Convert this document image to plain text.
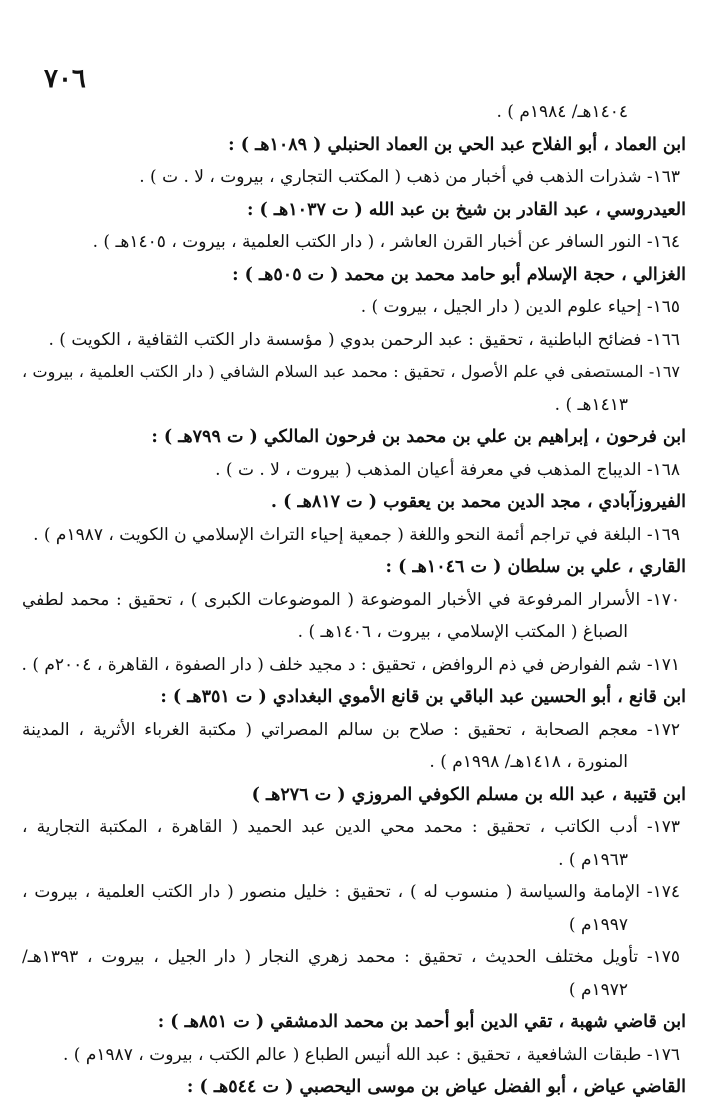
٧٠٦
١٤٠٤هـ/ ١٩٨٤م ) .
ابن العماد ، أبو الفلاح عبد الحي بن العماد الحنبلي ( ١٠٨٩هـ ) :
١٦٣- شذرات الذهب في أخبار من ذهب ( المكتب التجاري ، بيروت ، لا . ت ) .
العيدروسي ، عبد القادر بن شيخ بن عبد الله ( ت ١٠٣٧هـ ) :
١٦٤- النور السافر عن أخبار القرن العاشر ، ( دار الكتب العلمية ، بيروت ، ١٤٠٥هـ ) .
الغزالي ، حجة الإسلام أبو حامد محمد بن محمد ( ت ٥٠٥هـ ) :
١٦٥- إحياء علوم الدين ( دار الجيل ، بيروت ) .
١٦٦- فضائح الباطنية ، تحقيق : عبد الرحمن بدوي ( مؤسسة دار الكتب الثقافية ، الكويت ) .
١٦٧- المستصفى في علم الأصول ، تحقيق : محمد عبد السلام الشافي ( دار الكتب العلمية ، بيروت ،
١٤١٣هـ ) .
ابن فرحون ، إبراهيم بن علي بن محمد بن فرحون المالكي ( ت ٧٩٩هـ ) :
١٦٨- الديباج المذهب في معرفة أعيان المذهب ( بيروت ، لا . ت ) .
الفيروزآبادي ، مجد الدين محمد بن يعقوب ( ت ٨١٧هـ ) .
١٦٩- البلغة في تراجم أئمة النحو واللغة ( جمعية إحياء التراث الإسلامي ن الكويت ، ١٩٨٧م ) .
القاري ، علي بن سلطان ( ت ١٠٤٦هـ ) :
١٧٠- الأسرار المرفوعة في الأخبار الموضوعة ( الموضوعات الكبرى ) ، تحقيق : محمد لطفي
الصباغ ( المكتب الإسلامي ، بيروت ، ١٤٠٦هـ ) .
١٧١- شم الفوارض في ذم الروافض ، تحقيق : د مجيد خلف ( دار الصفوة ، القاهرة ، ٢٠٠٤م ) .
ابن قانع ، أبو الحسين عبد الباقي بن قانع الأموي البغدادي ( ت ٣٥١هـ ) :
١٧٢- معجم الصحابة ، تحقيق : صلاح بن سالم المصراتي ( مكتبة الغرباء الأثرية ، المدينة
المنورة ، ١٤١٨هـ/ ١٩٩٨م ) .
ابن قتيبة ، عبد الله بن مسلم الكوفي المروزي ( ت ٢٧٦هـ )
١٧٣- أدب الكاتب ، تحقيق : محمد محي الدين عبد الحميد ( القاهرة ، المكتبة التجارية ،
١٩٦٣م ) .
١٧٤- الإمامة والسياسة ( منسوب له ) ، تحقيق : خليل منصور ( دار الكتب العلمية ، بيروت ،
١٩٩٧م )
١٧٥- تأويل مختلف الحديث ، تحقيق : محمد زهري النجار ( دار الجيل ، بيروت ، ١٣٩٣هـ/
١٩٧٢م )
ابن قاضي شهبة ، تقي الدين أبو أحمد بن محمد الدمشقي ( ت ٨٥١هـ ) :
١٧٦- طبقات الشافعية ، تحقيق : عبد الله أنيس الطباع ( عالم الكتب ، بيروت ، ١٩٨٧م ) .
القاضي عياض ، أبو الفضل عياض بن موسى اليحصبي ( ت ٥٤٤هـ ) :
